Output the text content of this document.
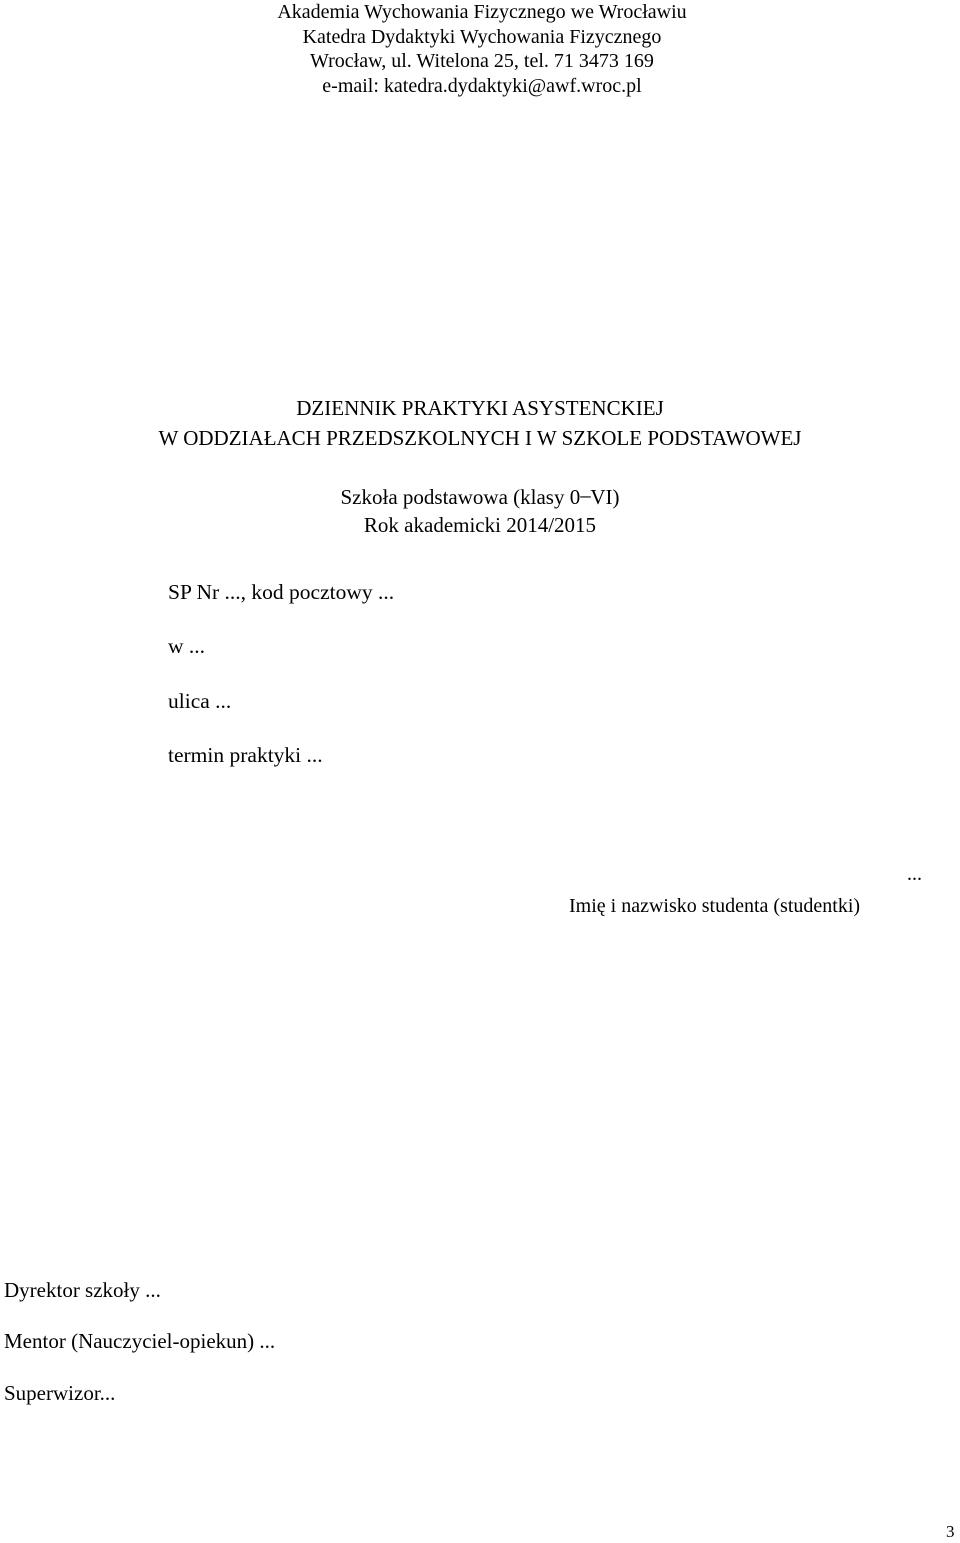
Akademia Wychowania Fizycznego we Wrocławiu
Katedra Dydaktyki Wychowania Fizycznego
Wrocław, ul. Witelona 25, tel. 71 3473 169
e-mail: katedra.dydaktyki@awf.wroc.pl
DZIENNIK PRAKTYKI ASYSTENCKIEJ
W ODDZIAŁACH PRZEDSZKOLNYCH I W SZKOLE PODSTAWOWEJ
Szkoła podstawowa (klasy 0 ̶ VI)
Rok akademicki 2014/2015
SP Nr ..., kod pocztowy ...
w ...
ulica ...
termin praktyki ...
...
Imię i nazwisko studenta (studentki)
Dyrektor szkoły ...
Mentor (Nauczyciel-opiekun) ...
Superwizor...
3
